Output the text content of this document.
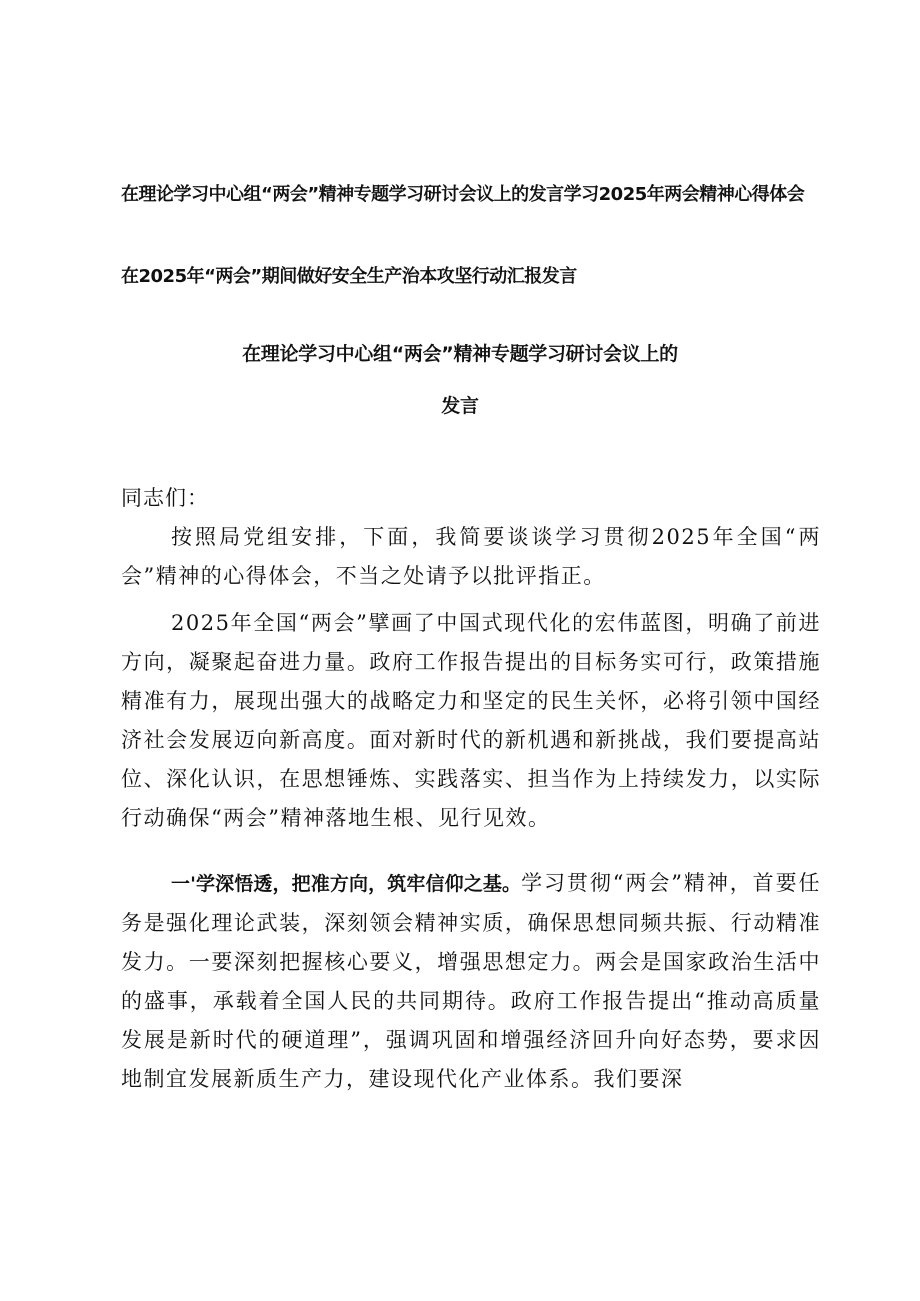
在理论学习中心组“两会”精神专题学习研讨会议上的发言学习2025年两会精神心得体会

在2025年“两会”期间做好安全生产治本攻坚行动汇报发言

在理论学习中心组“两会”精神专题学习研讨会议上的
发言

同志们：

按照局党组安排，下面，我简要谈谈学习贯彻2025年全国“两会”精神的心得体会，不当之处请予以批评指正。

2025年全国“两会”擘画了中国式现代化的宏伟蓝图，明确了前进方向，凝聚起奋进力量。政府工作报告提出的目标务实可行，政策措施精准有力，展现出强大的战略定力和坚定的民生关怀，必将引领中国经济社会发展迈向新高度。面对新时代的新机遇和新挑战，我们要提高站位、深化认识，在思想锤炼、实践落实、担当作为上持续发力，以实际行动确保“两会”精神落地生根、见行见效。

一'学深悟透，把准方向，筑牢信仰之基。学习贯彻“两会”精神，首要任务是强化理论武装，深刻领会精神实质，确保思想同频共振、行动精准发力。一要深刻把握核心要义，增强思想定力。两会是国家政治生活中的盛事，承载着全国人民的共同期待。政府工作报告提出“推动高质量发展是新时代的硬道理”，强调巩固和增强经济回升向好态势，要求因地制宜发展新质生产力，建设现代化产业体系。我们要深
